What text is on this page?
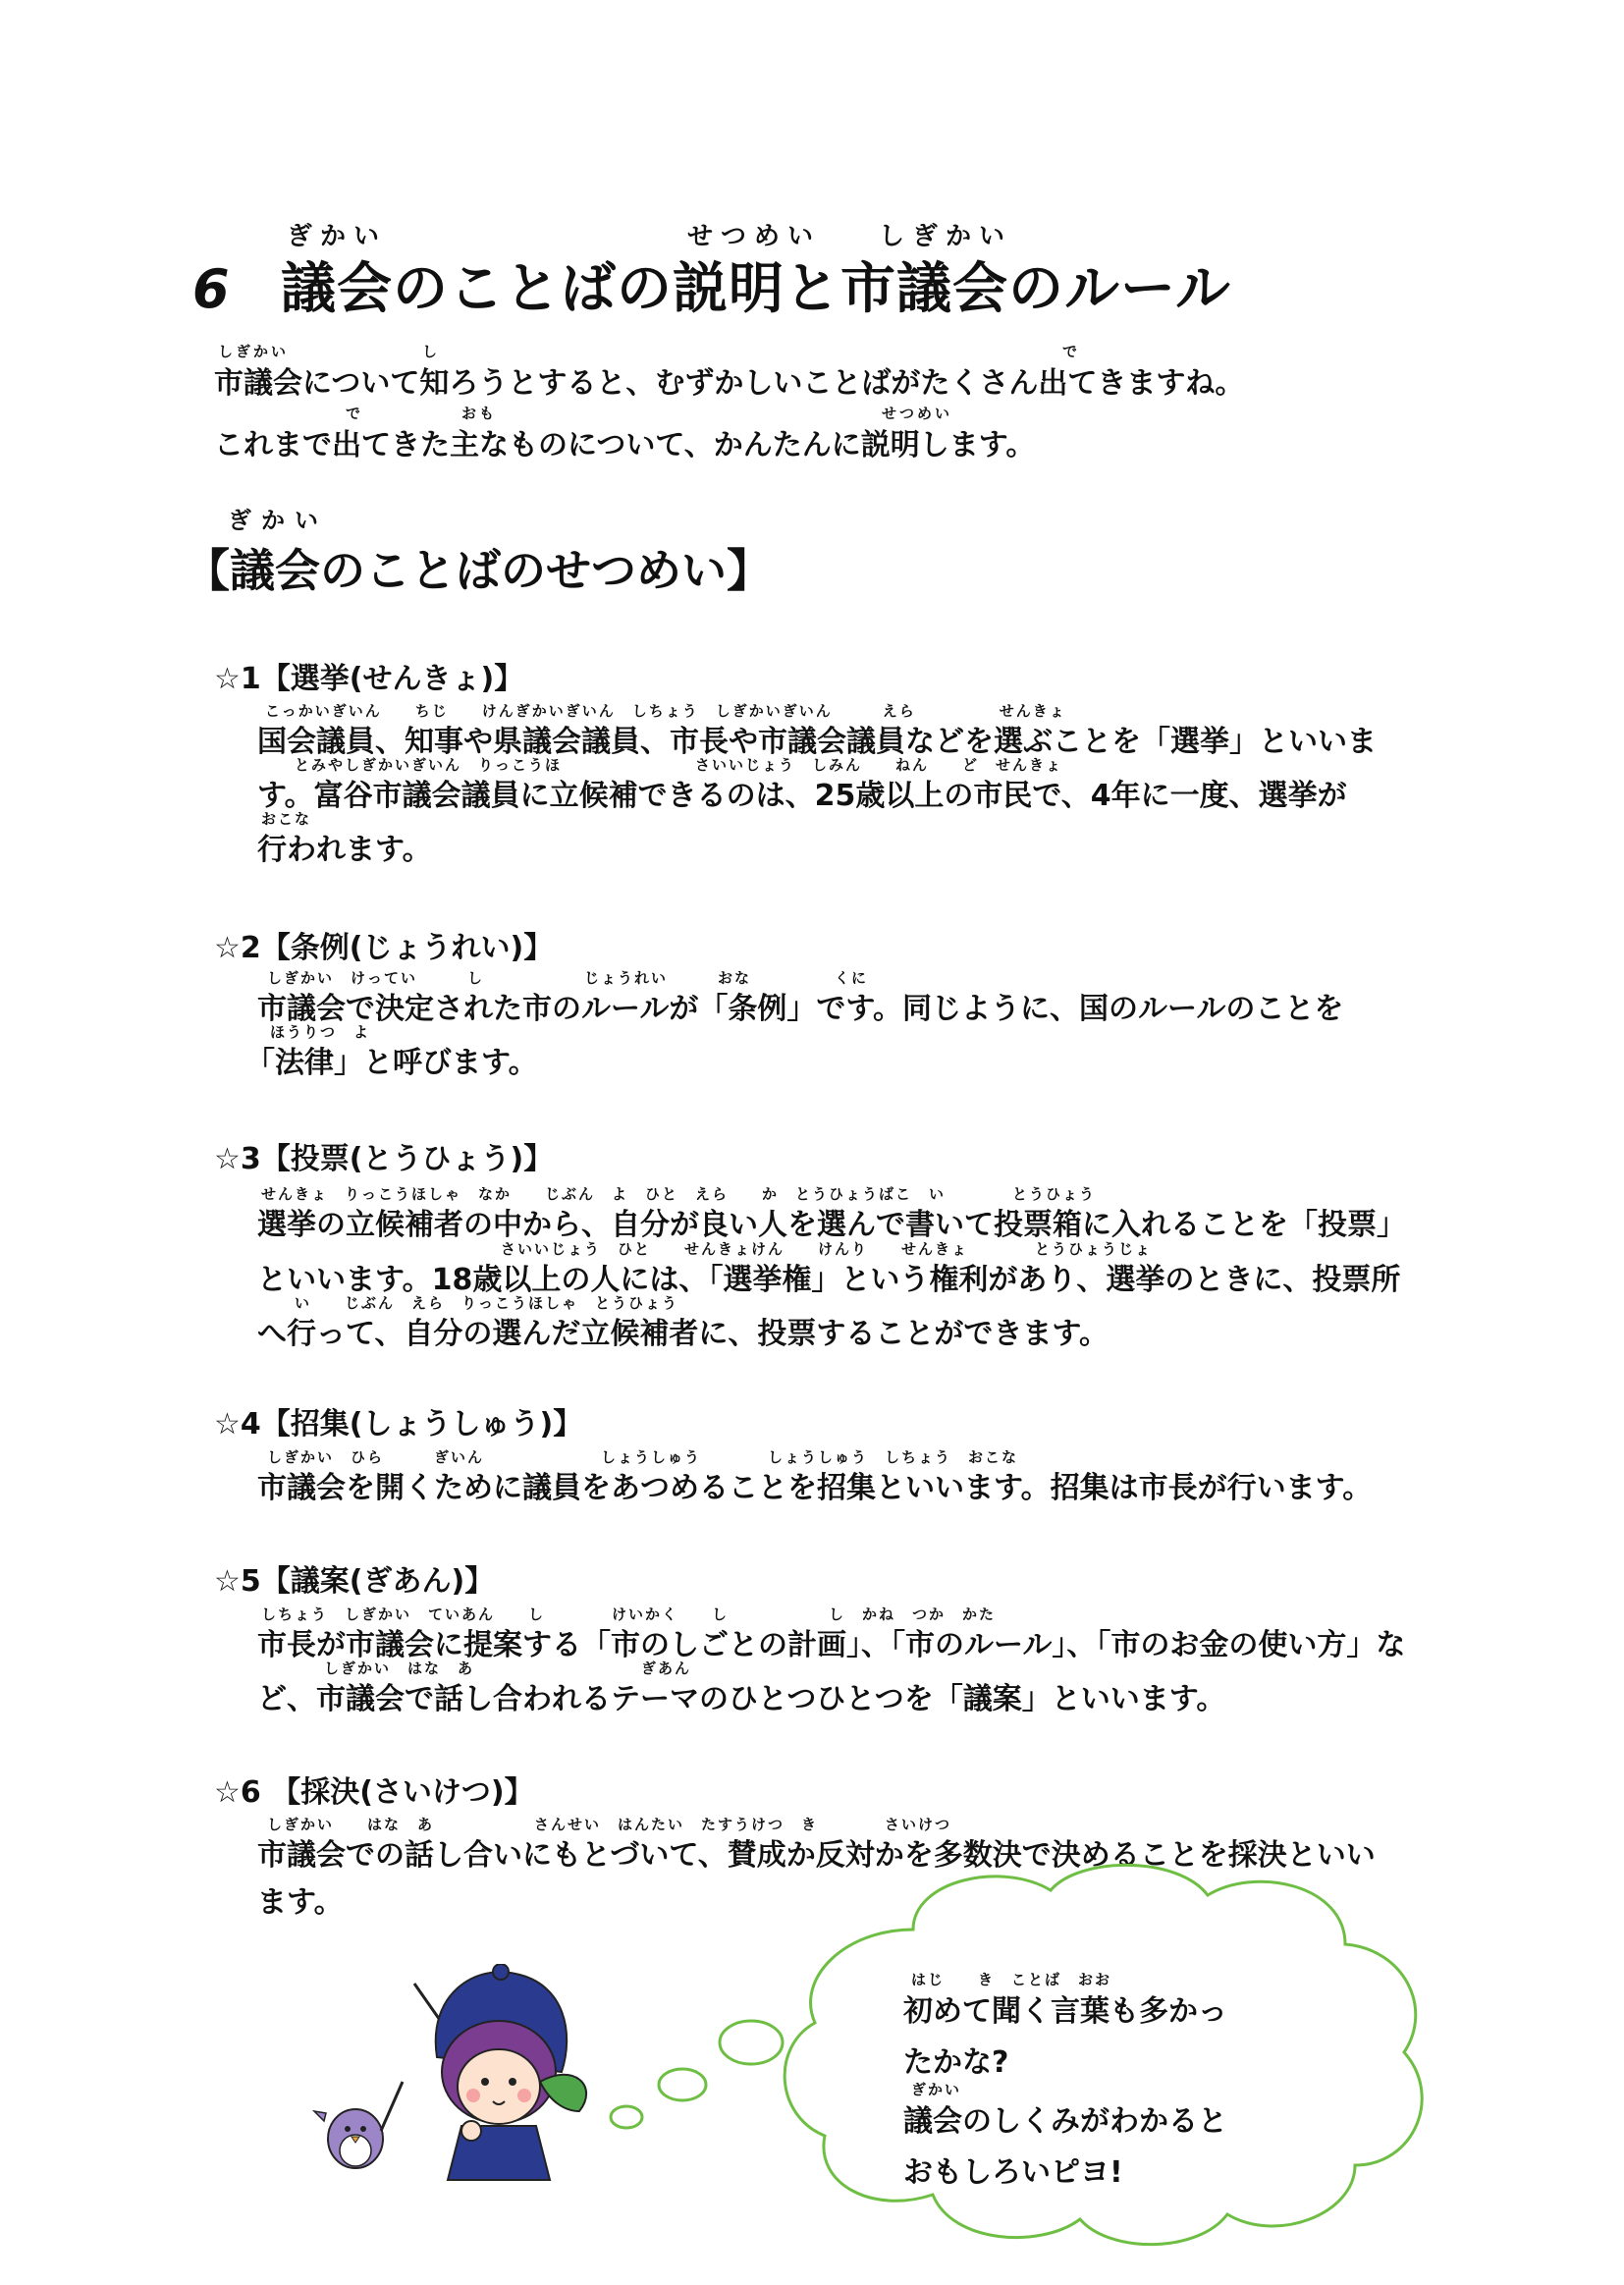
ぎかい	せつめい しぎかい
6 議会のことばの説明と市議会のルール
しぎかい	し	で
市議会について知ろうとすると、むずかしいことばがたくさん出てきますね。
で	おも	せつめい
これまで出てきた主なものについて、かんたんに説明します。
ぎかい
【議会のことばのせつめい】
☆1【選挙(せんきょ)】
こっかいぎいん　　ちじ　　けんぎかいぎいん　しちょう　しぎかいぎいん　　　えら　　　　　せんきょ
国会議員、知事や県議会議員、市長や市議会議員などを選ぶことを「選挙」といいま
とみやしぎかいぎいん　りっこうほ　　　　　　　　さいいじょう　しみん　　ねん　　ど　せんきょ
す。富谷市議会議員に立候補できるのは、25歳以上の市民で、4年に一度、選挙が
おこな
行われます。
☆2【条例(じょうれい)】
しぎかい　けってい　　　し　　　　　　じょうれい　　　おな　　　　　くに
市議会で決定された市のルールが「条例」です。同じように、国のルールのことを
ほうりつ　よ
「法律」と呼びます。
☆3【投票(とうひょう)】
せんきょ　りっこうほしゃ　なか　　じぶん　よ　ひと　えら　　か　とうひょうばこ　い　　　　とうひょう
選挙の立候補者の中から、自分が良い人を選んで書いて投票箱に入れることを「投票」
さいいじょう　ひと　　せんきょけん　　けんり　　せんきょ　　　　とうひょうじょ
といいます。18歳以上の人には、「選挙権」という権利があり、選挙のときに、投票所
い　　じぶん　えら　りっこうほしゃ　とうひょう
へ行って、自分の選んだ立候補者に、投票することができます。
☆4【招集(しょうしゅう)】
しぎかい　ひら　　　ぎいん　　　　　　　しょうしゅう　　　　しょうしゅう　しちょう　おこな
市議会を開くために議員をあつめることを招集といいます。招集は市長が行います。
☆5【議案(ぎあん)】
しちょう　しぎかい　ていあん　　し　　　　けいかく　　し　　　　　　し　かね　つか　かた
市長が市議会に提案する「市のしごとの計画」、「市のルール」、「市のお金の使い方」な
しぎかい　はな　あ　　　　　　　　　　ぎあん
ど、市議会で話し合われるテーマのひとつひとつを「議案」といいます。
☆6 【採決(さいけつ)】
しぎかい　　はな　あ　　　　　　さんせい　はんたい　たすうけつ　き　　　　さいけつ
市議会での話し合いにもとづいて、賛成か反対かを多数決で決めることを採決といい
ます。
はじ　　き　ことば　おお
初めて聞く言葉も多かっ
たかな?
ぎかい
議会のしくみがわかると
おもしろいピヨ!
